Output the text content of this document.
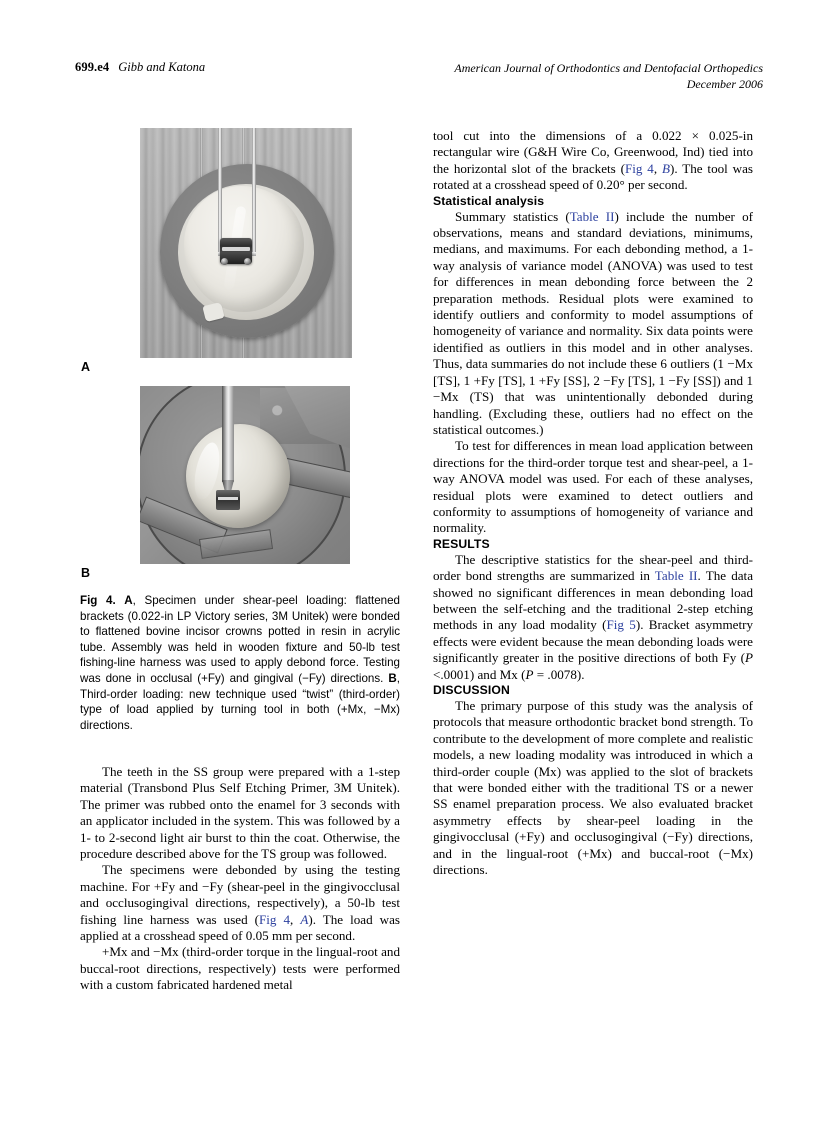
699.e4 Gibb and Katona	American Journal of Orthodontics and Dentofacial Orthopedics
December 2006
A
B
Fig 4. A, Specimen under shear-peel loading: flattened brackets (0.022-in LP Victory series, 3M Unitek) were bonded to flattened bovine incisor crowns potted in resin in acrylic tube. Assembly was held in wooden fixture and 50-lb test fishing-line harness was used to apply debond force. Testing was done in occlusal (+Fy) and gingival (−Fy) directions. B, Third-order loading: new technique used “twist” (third-order) type of load applied by turning tool in both (+Mx, −Mx) directions.

The teeth in the SS group were prepared with a 1-step material (Transbond Plus Self Etching Primer, 3M Unitek). The primer was rubbed onto the enamel for 3 seconds with an applicator included in the system. This was followed by a 1- to 2-second light air burst to thin the coat. Otherwise, the procedure described above for the TS group was followed.

The specimens were debonded by using the testing machine. For +Fy and −Fy (shear-peel in the gingivocclusal and occlusogingival directions, respectively), a 50-lb test fishing line harness was used (Fig 4, A). The load was applied at a crosshead speed of 0.05 mm per second.

+Mx and −Mx (third-order torque in the lingual-root and buccal-root directions, respectively) tests were performed with a custom fabricated hardened metal

tool cut into the dimensions of a 0.022 × 0.025-in rectangular wire (G&H Wire Co, Greenwood, Ind) tied into the horizontal slot of the brackets (Fig 4, B). The tool was rotated at a crosshead speed of 0.20° per second.

Statistical analysis

Summary statistics (Table II) include the number of observations, means and standard deviations, minimums, medians, and maximums. For each debonding method, a 1-way analysis of variance model (ANOVA) was used to test for differences in mean debonding force between the 2 preparation methods. Residual plots were examined to identify outliers and conformity to model assumptions of homogeneity of variance and normality. Six data points were identified as outliers in this model and in other analyses. Thus, data summaries do not include these 6 outliers (1 −Mx [TS], 1 +Fy [TS], 1 +Fy [SS], 2 −Fy [TS], 1 −Fy [SS]) and 1 −Mx (TS) that was unintentionally debonded during handling. (Excluding these, outliers had no effect on the statistical outcomes.)

To test for differences in mean load application between directions for the third-order torque test and shear-peel, a 1-way ANOVA model was used. For each of these analyses, residual plots were examined to detect outliers and conformity to assumptions of homogeneity of variance and normality.

RESULTS

The descriptive statistics for the shear-peel and third-order bond strengths are summarized in Table II. The data showed no significant differences in mean debonding load between the self-etching and the traditional 2-step etching methods in any load modality (Fig 5). Bracket asymmetry effects were evident because the mean debonding loads were significantly greater in the positive directions of both Fy (P <.0001) and Mx (P = .0078).

DISCUSSION

The primary purpose of this study was the analysis of protocols that measure orthodontic bracket bond strength. To contribute to the development of more complete and realistic models, a new loading modality was introduced in which a third-order couple (Mx) was applied to the slot of brackets that were bonded either with the traditional TS or a newer SS enamel preparation process. We also evaluated bracket asymmetry effects by shear-peel loading in the gingivocclusal (+Fy) and occlusogingival (−Fy) directions, and in the lingual-root (+Mx) and buccal-root (−Mx) directions.
